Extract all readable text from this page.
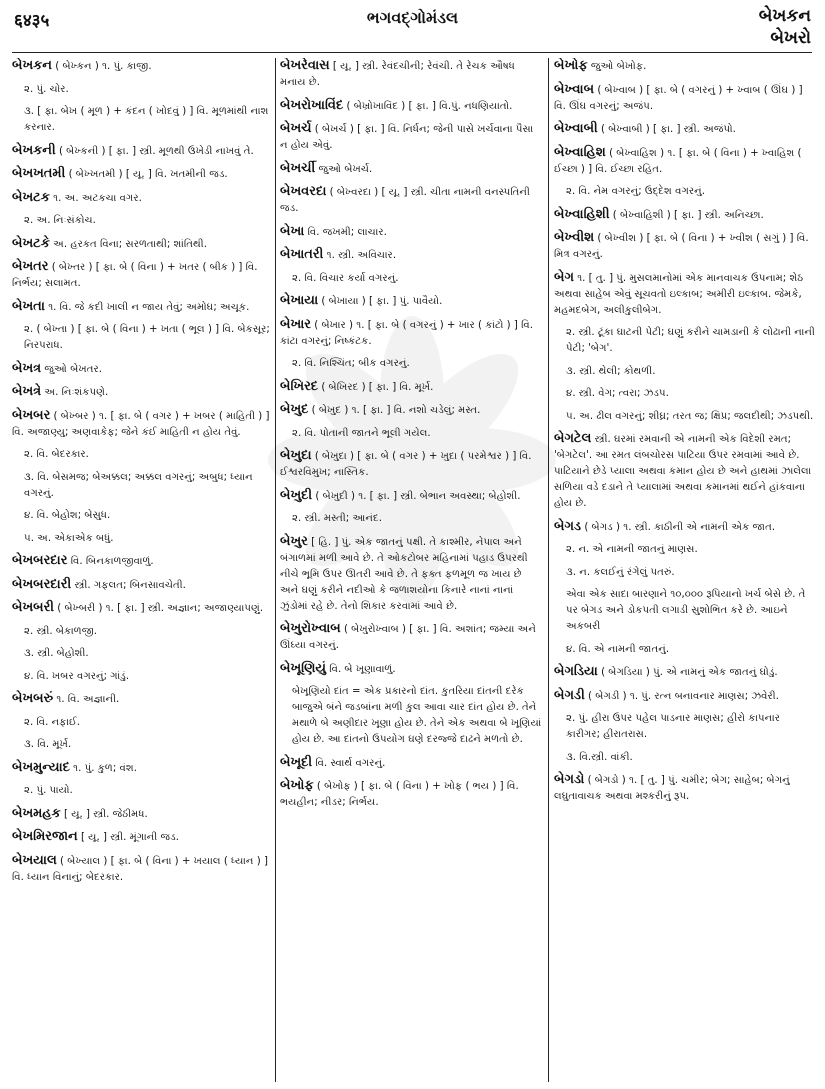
६४३५	ભગવદ્ગોમંડલ	બેખકન
બેખરો

બેખકન ( બેખ્કન ) ૧. પું. કાજી.

૨. પું. ચોર.

૩. [ ફા. બેખ ( મૂળ ) + કંદન ( ખોદવું ) ] વિ. મૂળમાંથી નાશ કરનાર.

બેખકની ( બેખ્કની ) [ ફા. ] સ્ત્રી. મૂળથી ઉખેડી નાખવું તે.

બેખખતમી ( બેખ્ખતમી ) [ યૂ. ] વિ. ખતમીની જડ.

બેખટક ૧. અ. અટકચા વગર.

૨. અ. નિઃસંકોચ.

બેખટકે અ. હરકત વિના; સરળતાથી; શાંતિથી.

બેખતર ( બેખ્તર ) [ ફા. બે ( વિના ) + ખતર ( બીક ) ] વિ. નિર્ભય; સલામત.

બેખતા ૧. વિ. જે કદી ખાલી ન જાય તેવું; અમોઘ; અચૂક.

૨. ( બેખ્તા ) [ ફા. બે ( વિના ) + ખતા ( ભૂલ ) ] વિ. બેકસૂર; નિરપરાધ.

બેખત્ર જુઓ બેખતર.

બેખત્રે અ. નિઃશંકપણે.

બેખબર ( બેખ્બર ) ૧. [ ફા. બે ( વગર ) + ખબર ( માહિતી ) ] વિ. અજાણ્યુ; અણવાકેફ; જેને કંઈ માહિતી ન હોય તેવું.

૨. વિ. બેદરકાર.

૩. વિ. બેસમજ; બેઅક્કલ; અક્કલ વગરનું; અબુધ; ધ્યાન વગરનું.

૪. વિ. બેહોશ; બેસુધ.

૫. અ. એકાએક બધું.

બેખબરદાર વિ. બિનકાળજીવાળું.

બેખબરદારી સ્ત્રી. ગફલત; બિનસાવચેતી.

બેખબરી ( બેખ્બરી ) ૧. [ ફા. ] સ્ત્રી. અજ્ઞાન; અજાણ્યાપણું.

૨. સ્ત્રી. બેકાળજી.

૩. સ્ત્રી. બેહોશી.

૪. વિ. ખબર વગરનું; ગાંડું.

બેખબરું ૧. વિ. અજ્ઞાની.

૨. વિ. નફાઈ.

૩. વિ. મૂર્ખ.

બેખમુન્યાદ ૧. પું. કુળ; વંશ.

૨. પું. પાયો.

બેખમહક [ યૂ. ] સ્ત્રી. જેઠીમધ.

બેખમિરજાન [ યૂ. ] સ્ત્રી. મૂંગાની જડ.

બેખયાલ ( બેખ્યાલ ) [ ફા. બે ( વિના ) + ખયાલ ( ધ્યાન ) ] વિ. ધ્યાન વિનાનું; બેદરકાર.

બેખરેવાસ [ યૂ. ] સ્ત્રી. રેવંદચીની; રેવંચી. તે રેચક ઔષધ મનાય છે.

બેખરોખાવિંદ ( બેખ્રોખાવિંદ ) [ ફા. ] વિ.પું. નધણિયાતો.

બેખર્ચ ( બેખર્ચ ) [ ફા. ] વિ. નિર્ધન; જેની પાસે ખર્ચવાના પૈસા ન હોય એવું.

બેખર્ચી જુઓ બેખર્ચ.

બેખવરદા ( બેખ્વરદા ) [ યૂ. ] સ્ત્રી. ચીતા નામની વનસ્પતિની જડ.

બેખા વિ. જખમી; લાચાર.

બેખાતરી ૧. સ્ત્રી. અવિચાર.

૨. વિ. વિચાર કર્યા વગરનું.

બેખાયા ( બેખાયા ) [ ફા. ] પું. પાવૈયો.

બેખાર ( બેખાર ) ૧. [ ફા. બે ( વગરનું ) + ખાર ( કાંટો ) ] વિ. કાંટા વગરનું; નિષ્કંટક.

૨. વિ. નિશ્ચિંત; બીક વગરનું.

બેખિરદ ( બેખિરદ ) [ ફા. ] વિ. મૂર્ખ.

બેખુદ ( બેખુદ ) ૧. [ ફા. ] વિ. નશો ચડેલું; મસ્ત.

૨. વિ. પોતાની જાતને ભૂલી ગયેલ.

બેખુદા ( બેખુદા ) [ ફા. બે ( વગર ) + ખુદા ( પરમેશ્વર ) ] વિ. ઈશ્વરવિમુખ; નાસ્તિક.

બેખુદી ( બેખુદી ) ૧. [ ફા. ] સ્ત્રી. બેભાન અવસ્થા; બેહોશી.

૨. સ્ત્રી. મસ્તી; આનંદ.

બેખુર [ હિ. ] પું. એક જાતનું પક્ષી. તે કાશ્મીર, નેપાલ અને બંગાળમાં મળી આવે છે. તે ઓકટોબર મહિનામાં પહાડ ઉપરથી નીચે ભૂમિ ઉપર ઊતરી આવે છે. તે ફક્ત ફળમૂળ જ ખાય છે અને ઘણું કરીને નદીઓ કે જળાશયોના કિનારે નાનાં નાનાં ઝુંડોમાં રહે છે. તેનો શિકાર કરવામાં આવે છે.

બેખુરોખ્વાબ ( બેખુરોખ્વાબ ) [ ફા. ] વિ. અશાંત; જમ્યા અને ઊંઘ્યા વગરનું.

બેખૂણિયું વિ. બે ખૂણાવાળું.

બેખૂણિયો દાંત = એક પ્રકારનો દાંત. કુતરિયા દાંતની દરેક બાજુએ બંને જડબાંના મળી કુલ આવા ચાર દાંત હોય છે. તેને મથાળે બે અણીદાર ખૂણા હોય છે. તેને એક અથવા બે ખૂણિયાં હોય છે. આ દાંતનો ઉપયોગ ઘણે દરજ્જે દાઢને મળતો છે.

બેખૂદી વિ. સ્વાર્થ વગરનું.

બેખોફ ( બેખોફ ) [ ફા. બે ( વિના ) + ખોફ ( ભય ) ] વિ. ભયહીન; નીડર; નિર્ભય.

બેખોફ જુઓ બેખોફ.

બેખ્વાબ ( બેખ્વાબ ) [ ફા. બે ( વગરનું ) + ખ્વાબ ( ઊંઘ ) ] વિ. ઊંઘ વગરનું; અજંપ.

બેખ્વાબી ( બેખ્વાબી ) [ ફા. ] સ્ત્રી. અજંપો.

બેખ્વાહિશ ( બેખ્વાહિશ ) ૧. [ ફા. બે ( વિના ) + ખ્વાહિશ ( ઈચ્છા ) ] વિ. ઈચ્છા રહિત.

૨. વિ. નેમ વગરનું; ઉદ્દેશ વગરનું.

બેખ્વાહિશી ( બેખ્વાહિશી ) [ ફા. ] સ્ત્રી. અનિચ્છા.

બેખ્વીશ ( બેખ્વીશ ) [ ફા. બે ( વિના ) + ખ્વીશ ( સગું ) ] વિ. મિત્ર વગરનું.

બેગ ૧. [ તુ. ] પું. મુસલમાનોમાં એક માનવાચક ઉપનામ; શેઠ અથવા સાહેબ એવું સૂચવતો ઇલ્કાબ; અમીરી ઇલ્કાબ. જેમકે, મહમદબેગ, અલીકુલીબેગ.

૨. સ્ત્રી. ટૂંકા ઘાટની પેટી; ઘણું કરીને ચામડાની કે લોઢાની નાની પેટી; 'બેગ'.

૩. સ્ત્રી. થેલી; કોથળી.

૪. સ્ત્રી. વેગ; ત્વરા; ઝડપ.

૫. અ. ઢીલ વગરનું; શીઘ્ર; તરત જ; ક્ષિપ્ર; જલદીથી; ઝડપથી.

બેગટેલ સ્ત્રી. ઘરમાં રમવાની એ નામની એક વિદેશી રમત; 'બેગટેલ'. આ રમત લંબચોરસ પાટિયા ઉપર રમવામાં આવે છે. પાટિયાને છેડે પ્યાલા અથવા કમાન હોય છે અને હાથમાં ઝાલેલા સળિયા વડે દડાને તે પ્યાલામાં અથવા કમાનમાં થઈને હાંકવાના હોય છે.

બેગડ ( બેગડ ) ૧. સ્ત્રી. કાઠીની એ નામની એક જાત.

૨. ન. એ નામની જાતનું માણસ.

૩. ન. કલઈનું રંગેલું પતરું.

એવા એક સાદા બારણાને ૧૦,૦૦૦ રૂપિયાનો ખર્ચ બેસે છે. તે પર બેગડ અને ડોકપતી લગાડી સુશોભિત કરે છે. આઇને અકબરી

૪. વિ. એ નામની જાતનું.

બેગડિયા ( બેગડિયા ) પું. એ નામનું એક જાતનું ઘોડું.

બેગડી ( બેગડી ) ૧. પું. રત્ન બનાવનાર માણસ; ઝવેરી.

૨. પું. હીરા ઉપર પહેલ પાડનાર માણસ; હીરો કાપનાર કારીગર; હીરાતરાસ.

૩. વિ.સ્ત્રી. વાંકી.

બેગડો ( બેગડો ) ૧. [ તુ. ] પું. ચમીર; બેગ; સાહેબ; બેગનું લઘુતાવાચક અથવા મશ્કરીનું રૂપ.
